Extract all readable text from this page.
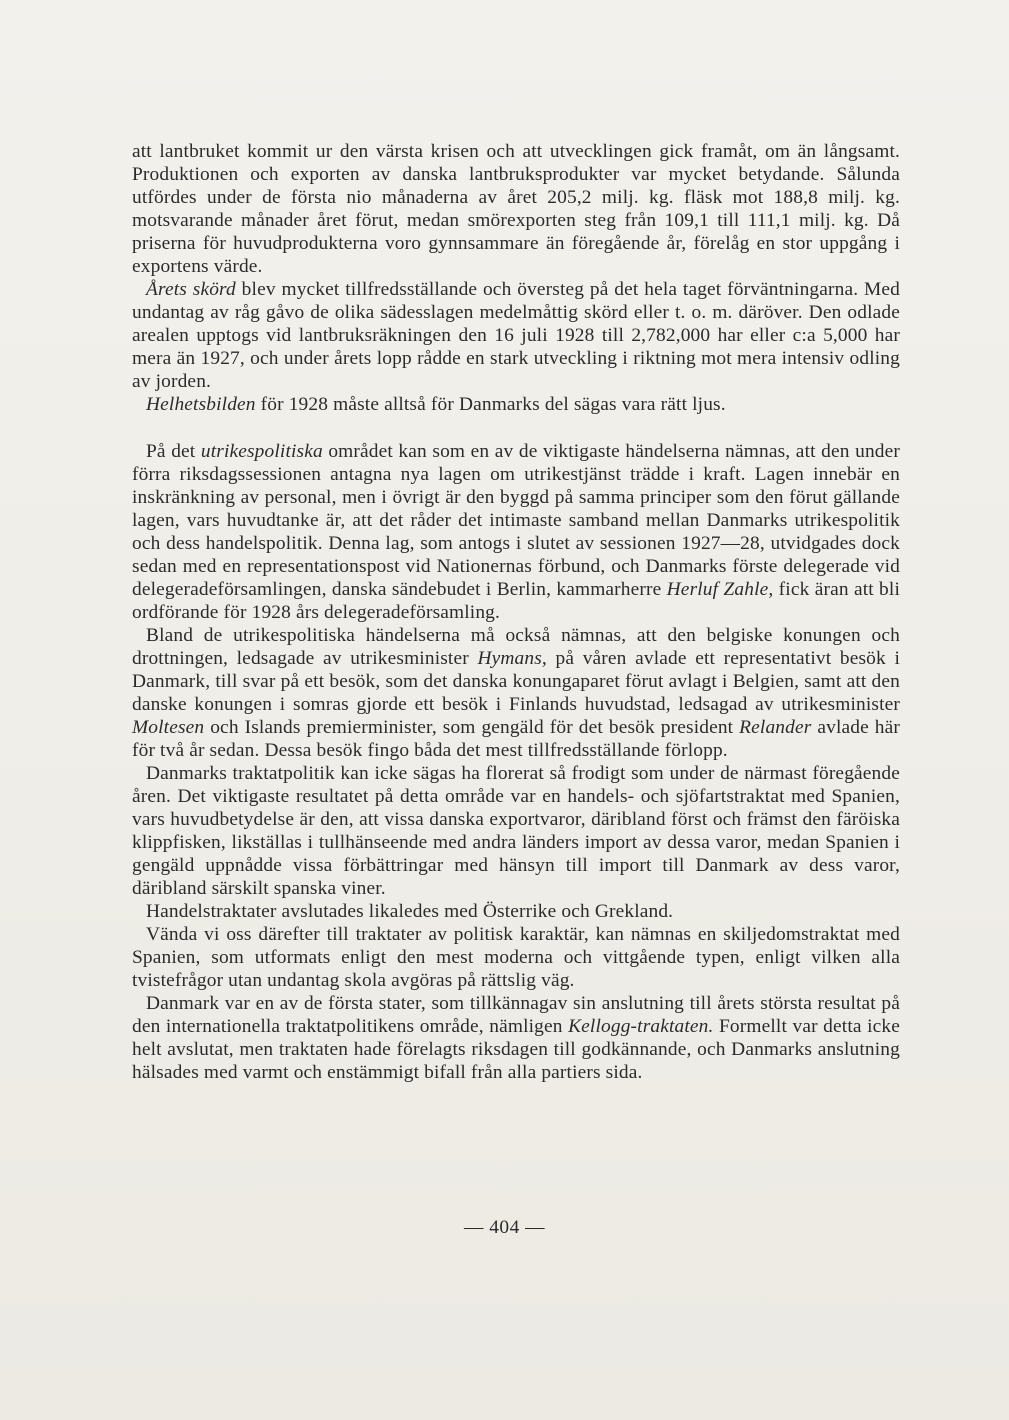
att lantbruket kommit ur den värsta krisen och att utvecklingen gick framåt, om än långsamt. Produktionen och exporten av danska lantbruksprodukter var mycket betydande. Sålunda utfördes under de första nio månaderna av året 205,2 milj. kg. fläsk mot 188,8 milj. kg. motsvarande månader året förut, medan smörexporten steg från 109,1 till 111,1 milj. kg. Då priserna för huvudprodukterna voro gynnsammare än föregående år, förelåg en stor uppgång i exportens värde.

Årets skörd blev mycket tillfredsställande och översteg på det hela taget förväntningarna. Med undantag av råg gåvo de olika sädesslagen medelmåttig skörd eller t. o. m. däröver. Den odlade arealen upptogs vid lantbruksräkningen den 16 juli 1928 till 2,782,000 har eller c:a 5,000 har mera än 1927, och under årets lopp rådde en stark utveckling i riktning mot mera intensiv odling av jorden.

Helhetsbilden för 1928 måste alltså för Danmarks del sägas vara rätt ljus.

På det utrikespolitiska området kan som en av de viktigaste händelserna nämnas, att den under förra riksdagssessionen antagna nya lagen om utrikestjänst trädde i kraft. Lagen innebär en inskränkning av personal, men i övrigt är den byggd på samma principer som den förut gällande lagen, vars huvudtanke är, att det råder det intimaste samband mellan Danmarks utrikespolitik och dess handelspolitik. Denna lag, som antogs i slutet av sessionen 1927—28, utvidgades dock sedan med en representationspost vid Nationernas förbund, och Danmarks förste delegerade vid delegeradeförsamlingen, danska sändebudet i Berlin, kammarherre Herluf Zahle, fick äran att bli ordförande för 1928 års delegeradeförsamling.

Bland de utrikespolitiska händelserna må också nämnas, att den belgiske konungen och drottningen, ledsagade av utrikesminister Hymans, på våren avlade ett representativt besök i Danmark, till svar på ett besök, som det danska konungaparet förut avlagt i Belgien, samt att den danske konungen i somras gjorde ett besök i Finlands huvudstad, ledsagad av utrikesminister Moltesen och Islands premierminister, som gengäld för det besök president Relander avlade här för två år sedan. Dessa besök fingo båda det mest tillfredsställande förlopp.

Danmarks traktatpolitik kan icke sägas ha florerat så frodigt som under de närmast föregående åren. Det viktigaste resultatet på detta område var en handels- och sjöfartstraktat med Spanien, vars huvudbetydelse är den, att vissa danska exportvaror, däribland först och främst den färöiska klippfisken, likställas i tullhänseende med andra länders import av dessa varor, medan Spanien i gengäld uppnådde vissa förbättringar med hänsyn till import till Danmark av dess varor, däribland särskilt spanska viner.

Handelstraktater avslutades likaledes med Österrike och Grekland.

Vända vi oss därefter till traktater av politisk karaktär, kan nämnas en skiljedomstraktat med Spanien, som utformats enligt den mest moderna och vittgående typen, enligt vilken alla tvistefrågor utan undantag skola avgöras på rättslig väg.

Danmark var en av de första stater, som tillkännagav sin anslutning till årets största resultat på den internationella traktatpolitikens område, nämligen Kellogg-traktaten. Formellt var detta icke helt avslutat, men traktaten hade förelagts riksdagen till godkännande, och Danmarks anslutning hälsades med varmt och enstämmigt bifall från alla partiers sida.

— 404 —
